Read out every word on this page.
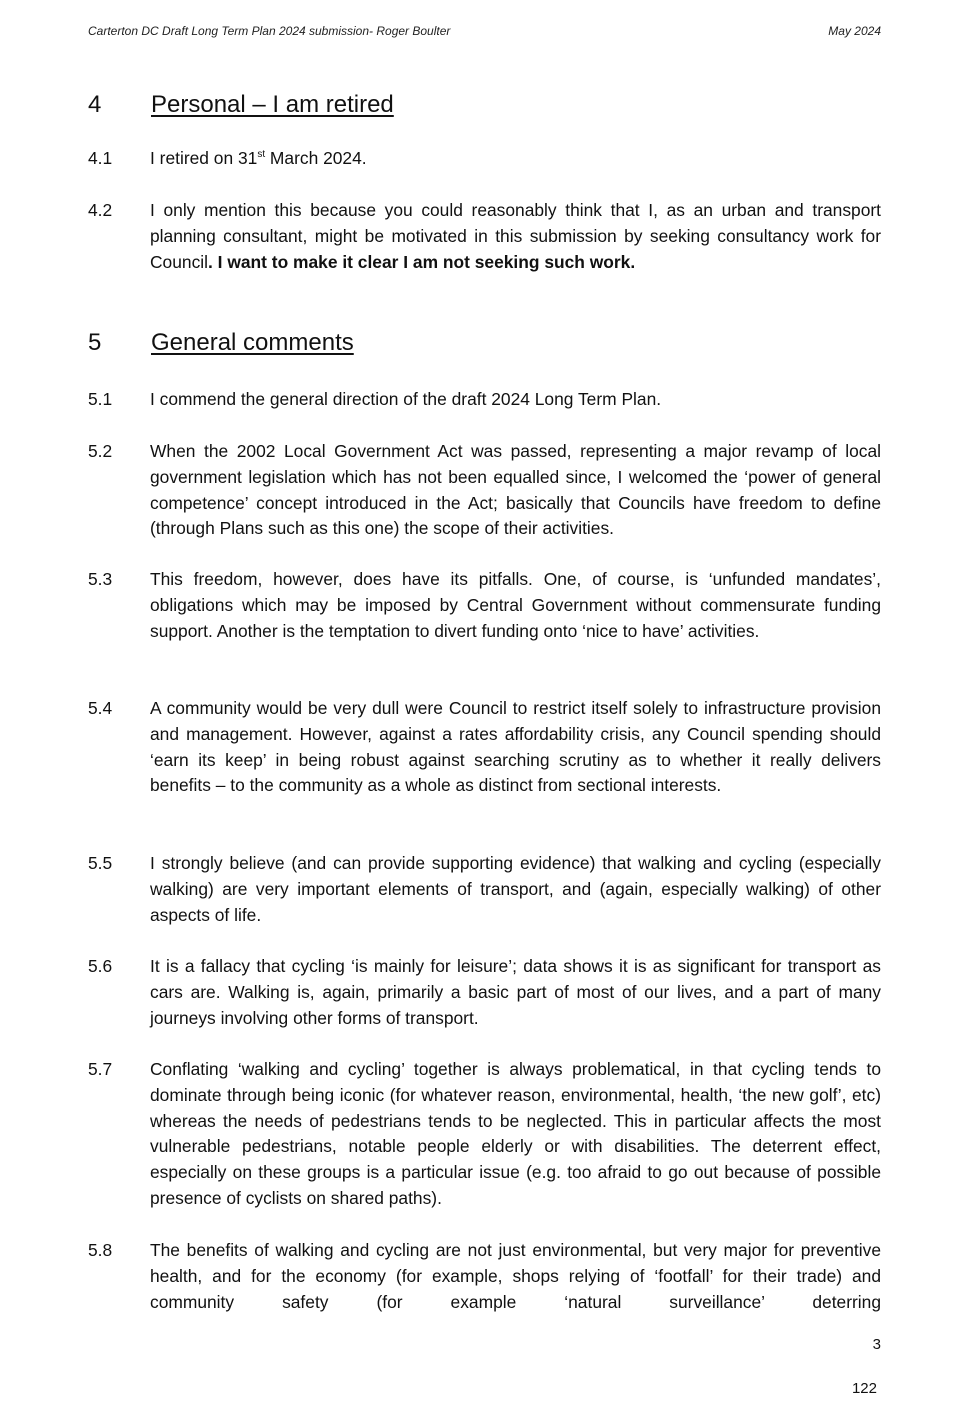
Carterton DC Draft Long Term Plan 2024 submission- Roger Boulter	May 2024
4 Personal – I am retired
4.1 I retired on 31st March 2024.
4.2 I only mention this because you could reasonably think that I, as an urban and transport planning consultant, might be motivated in this submission by seeking consultancy work for Council. I want to make it clear I am not seeking such work.
5 General comments
5.1 I commend the general direction of the draft 2024 Long Term Plan.
5.2 When the 2002 Local Government Act was passed, representing a major revamp of local government legislation which has not been equalled since, I welcomed the ‘power of general competence’ concept introduced in the Act; basically that Councils have freedom to define (through Plans such as this one) the scope of their activities.
5.3 This freedom, however, does have its pitfalls. One, of course, is ‘unfunded mandates’, obligations which may be imposed by Central Government without commensurate funding support. Another is the temptation to divert funding onto ‘nice to have’ activities.
5.4 A community would be very dull were Council to restrict itself solely to infrastructure provision and management. However, against a rates affordability crisis, any Council spending should ‘earn its keep’ in being robust against searching scrutiny as to whether it really delivers benefits – to the community as a whole as distinct from sectional interests.
5.5 I strongly believe (and can provide supporting evidence) that walking and cycling (especially walking) are very important elements of transport, and (again, especially walking) of other aspects of life.
5.6 It is a fallacy that cycling ‘is mainly for leisure’; data shows it is as significant for transport as cars are. Walking is, again, primarily a basic part of most of our lives, and a part of many journeys involving other forms of transport.
5.7 Conflating ‘walking and cycling’ together is always problematical, in that cycling tends to dominate through being iconic (for whatever reason, environmental, health, ‘the new golf’, etc) whereas the needs of pedestrians tends to be neglected. This in particular affects the most vulnerable pedestrians, notable people elderly or with disabilities. The deterrent effect, especially on these groups is a particular issue (e.g. too afraid to go out because of possible presence of cyclists on shared paths).
5.8 The benefits of walking and cycling are not just environmental, but very major for preventive health, and for the economy (for example, shops relying of ‘footfall’ for their trade) and community safety (for example ‘natural surveillance’ deterring
3
122
